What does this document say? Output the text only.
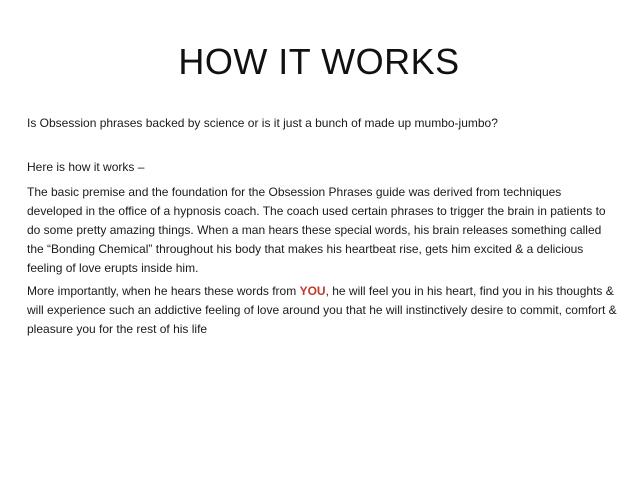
HOW IT WORKS

Is Obsession phrases backed by science or is it just a bunch of made up mumbo-jumbo?

Here is how it works –

The basic premise and the foundation for the Obsession Phrases guide was derived from techniques developed in the office of a hypnosis coach. The coach used certain phrases to trigger the brain in patients to do some pretty amazing things. When a man hears these special words, his brain releases something called the “Bonding Chemical” throughout his body that makes his heartbeat rise, gets him excited & a delicious feeling of love erupts inside him.

More importantly, when he hears these words from YOU, he will feel you in his heart, find you in his thoughts & will experience such an addictive feeling of love around you that he will instinctively desire to commit, comfort & pleasure you for the rest of his life
